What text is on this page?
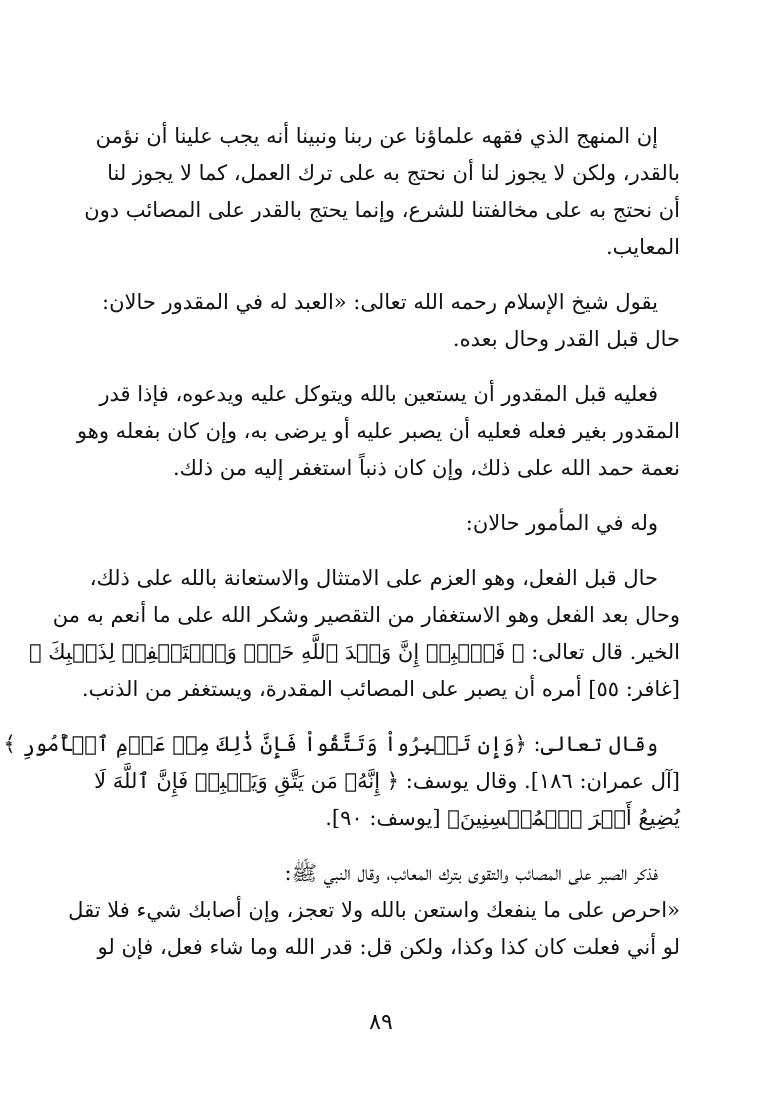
إن المنهج الذي فقهه علماؤنا عن ربنا ونبينا أنه يجب علينا أن نؤمن
بالقدر، ولكن لا يجوز لنا أن نحتج به على ترك العمل، كما لا يجوز لنا
أن نحتج به على مخالفتنا للشرع، وإنما يحتج بالقدر على المصائب دون
المعايب.

يقول شيخ الإسلام رحمه الله تعالى: «العبد له في المقدور حالان:
حال قبل القدر وحال بعده.

فعليه قبل المقدور أن يستعين بالله ويتوكل عليه ويدعوه، فإذا قدر
المقدور بغير فعله فعليه أن يصبر عليه أو يرضى به، وإن كان بفعله وهو
نعمة حمد الله على ذلك، وإن كان ذنباً استغفر إليه من ذلك.

وله في المأمور حالان:

حال قبل الفعل، وهو العزم على الامتثال والاستعانة بالله على ذلك،
وحال بعد الفعل وهو الاستغفار من التقصير وشكر الله على ما أنعم به من
الخير. قال تعالى: ﴿ فَٱصۡبِرۡ إِنَّ وَعۡدَ ٱللَّهِ حَقّٞ وَٱسۡتَغۡفِرۡ لِذَنۢبِكَ ﴾
[غافر: ٥٥] أمره أن يصبر على المصائب المقدرة، ويستغفر من الذنب.

وقال تعالى: ﴿وَإِن تَصۡبِرُواْ وَتَتَّقُواْ فَإِنَّ ذَٰلِكَ مِنۡ عَزۡمِ ٱلۡأُمُورِ ﴾
[آل عمران: ١٨٦]. وقال يوسف: ﴿ إِنَّهُۥ مَن يَتَّقِ وَيَصۡبِرۡ فَإِنَّ ٱللَّهَ لَا
يُضِيعُ أَجۡرَ ٱلۡمُحۡسِنِينَ﴾ [يوسف: ٩٠].

فذكر الصبر على المصائب والتقوى بترك المعائب، وقال النبي ﷺ:
«احرص على ما ينفعك واستعن بالله ولا تعجز، وإن أصابك شيء فلا تقل
لو أني فعلت كان كذا وكذا، ولكن قل: قدر الله وما شاء فعل، فإن لو

٨٩
